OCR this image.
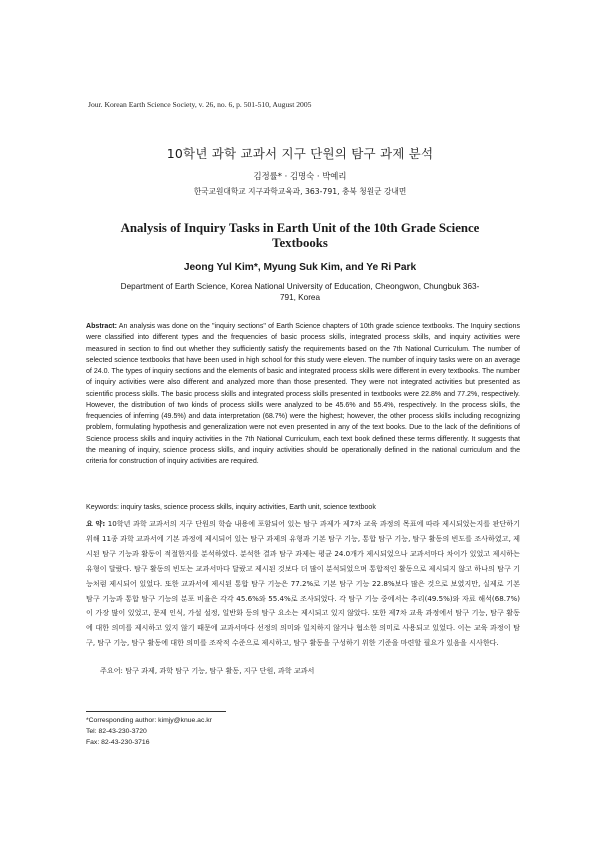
Jour. Korean Earth Science Society, v. 26, no. 6, p. 501-510, August 2005
10학년 과학 교과서 지구 단원의 탐구 과제 분석
김정률* · 김명숙 · 박예리
한국교원대학교 지구과학교육과, 363-791, 충북 청원군 강내면
Analysis of Inquiry Tasks in Earth Unit of the 10th Grade Science Textbooks
Jeong Yul Kim*, Myung Suk Kim, and Ye Ri Park
Department of Earth Science, Korea National University of Education, Cheongwon, Chungbuk 363-791, Korea

Abstract: An analysis was done on the "inquiry sections" of Earth Science chapters of 10th grade science textbooks. The Inquiry sections were classified into different types and the frequencies of basic process skills, integrated process skills, and inquiry activities were measured in section to find out whether they sufficiently satisfy the requirements based on the 7th National Curriculum. The number of selected science textbooks that have been used in high school for this study were eleven. The number of inquiry tasks were on an average of 24.0. The types of inquiry sections and the elements of basic and integrated process skills were different in every textbooks. The number of inquiry activities were also different and analyzed more than those presented. They were not integrated activities but presented as scientific process skills. The basic process skills and integrated process skills presented in textbooks were 22.8% and 77.2%, respectively. However, the distribution of two kinds of process skills were analyzed to be 45.6% and 55.4%, respectively. In the process skills, the frequencies of inferring (49.5%) and data interpretation (68.7%) were the highest; however, the other process skills including recognizing problem, formulating hypothesis and generalization were not even presented in any of the text books. Due to the lack of the definitions of Science process skills and inquiry activities in the 7th National Curriculum, each text book defined these terms differently. It suggests that the meaning of inquiry, science process skills, and inquiry activities should be operationally defined in the national curriculum and the criteria for construction of inquiry activities are required.

Keywords: inquiry tasks, science process skills, inquiry activities, Earth unit, science textbook

요 약: 10학년 과학 교과서의 지구 단원의 학습 내용에 포함되어 있는 탐구 과제가 제7차 교육 과정의 목표에 따라 제시되었는지를 판단하기 위해 11종 과학 교과서에 기본 과정에 제시되어 있는 탐구 과제의 유형과 기본 탐구 기능, 통합 탐구 기능, 탐구 활동의 빈도를 조사하였고, 제시된 탐구 기능과 활동이 적절한지를 분석하였다. 분석한 결과 탐구 과제는 평균 24.0개가 제시되었으나 교과서마다 차이가 있었고 제시하는 유형이 달랐다. 탐구 활동의 빈도는 교과서마다 달랐고 제시된 것보다 더 많이 분석되었으며 통합적인 활동으로 제시되지 않고 하나의 탐구 기능처럼 제시되어 있었다. 또한 교과서에 제시된 통합 탐구 기능은 77.2%로 기본 탐구 기능 22.8%보다 많은 것으로 보였지만, 실제로 기본 탐구 기능과 통합 탐구 기능의 분포 비율은 각각 45.6%와 55.4%로 조사되었다. 각 탐구 기능 중에서는 추리(49.5%)와 자료 해석(68.7%)이 가장 많이 있었고, 문제 인식, 가설 설정, 일반화 등의 탐구 요소는 제시되고 있지 않았다. 또한 제7차 교육 과정에서 탐구 기능, 탐구 활동에 대한 의미를 제시하고 있지 않기 때문에 교과서마다 선정의 의미와 일치하지 않거나 협소한 의미로 사용되고 있었다. 이는 교육 과정이 탐구, 탐구 기능, 탐구 활동에 대한 의미를 조작적 수준으로 제시하고, 탐구 활동을 구성하기 위한 기준을 마련할 필요가 있음을 시사한다.

주요어: 탐구 과제, 과학 탐구 기능, 탐구 활동, 지구 단원, 과학 교과서

*Corresponding author: kimjy@knue.ac.kr
Tel: 82-43-230-3720
Fax: 82-43-230-3716
